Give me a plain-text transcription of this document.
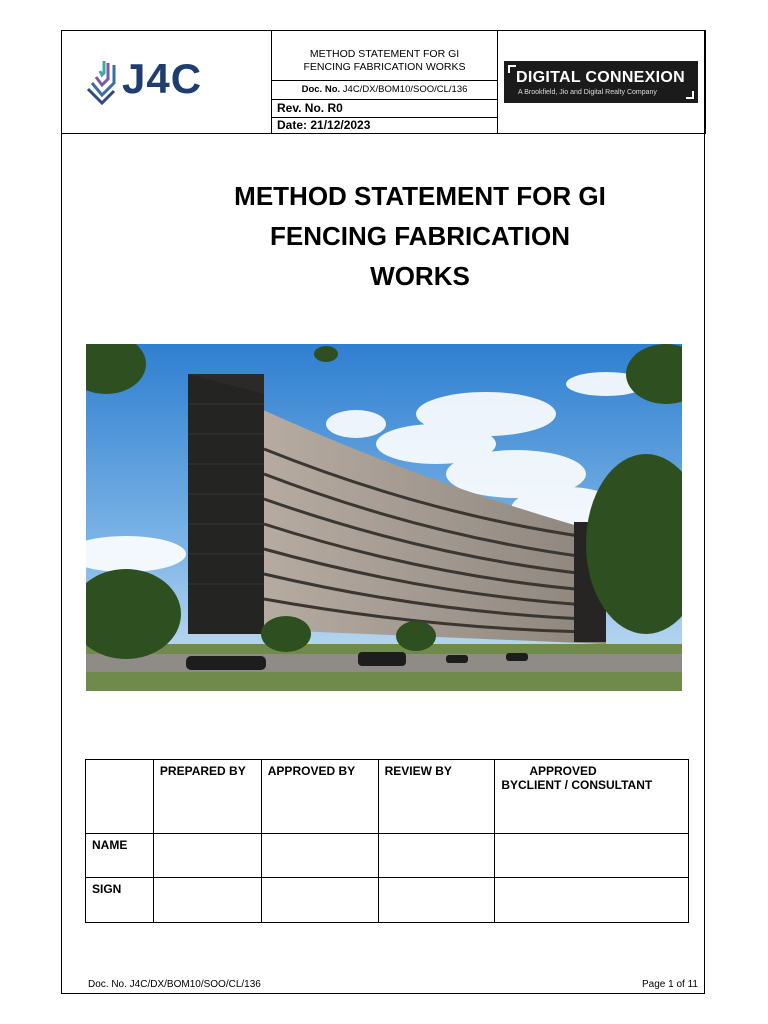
J4C
METHOD STATEMENT FOR GI FENCING FABRICATION WORKS
Doc. No. J4C/DX/BOM10/SOO/CL/136
Rev. No. R0
Date: 21/12/2023
DIGITAL CONNEXION
A Brookfield, Jio and Digital Realty Company
METHOD STATEMENT FOR GI
FENCING FABRICATION
WORKS
	PREPARED BY	APPROVED BY	REVIEW BY	APPROVED
BYCLIENT / CONSULTANT

NAME				
SIGN				
Doc. No. J4C/DX/BOM10/SOO/CL/136	Page 1 of 11
